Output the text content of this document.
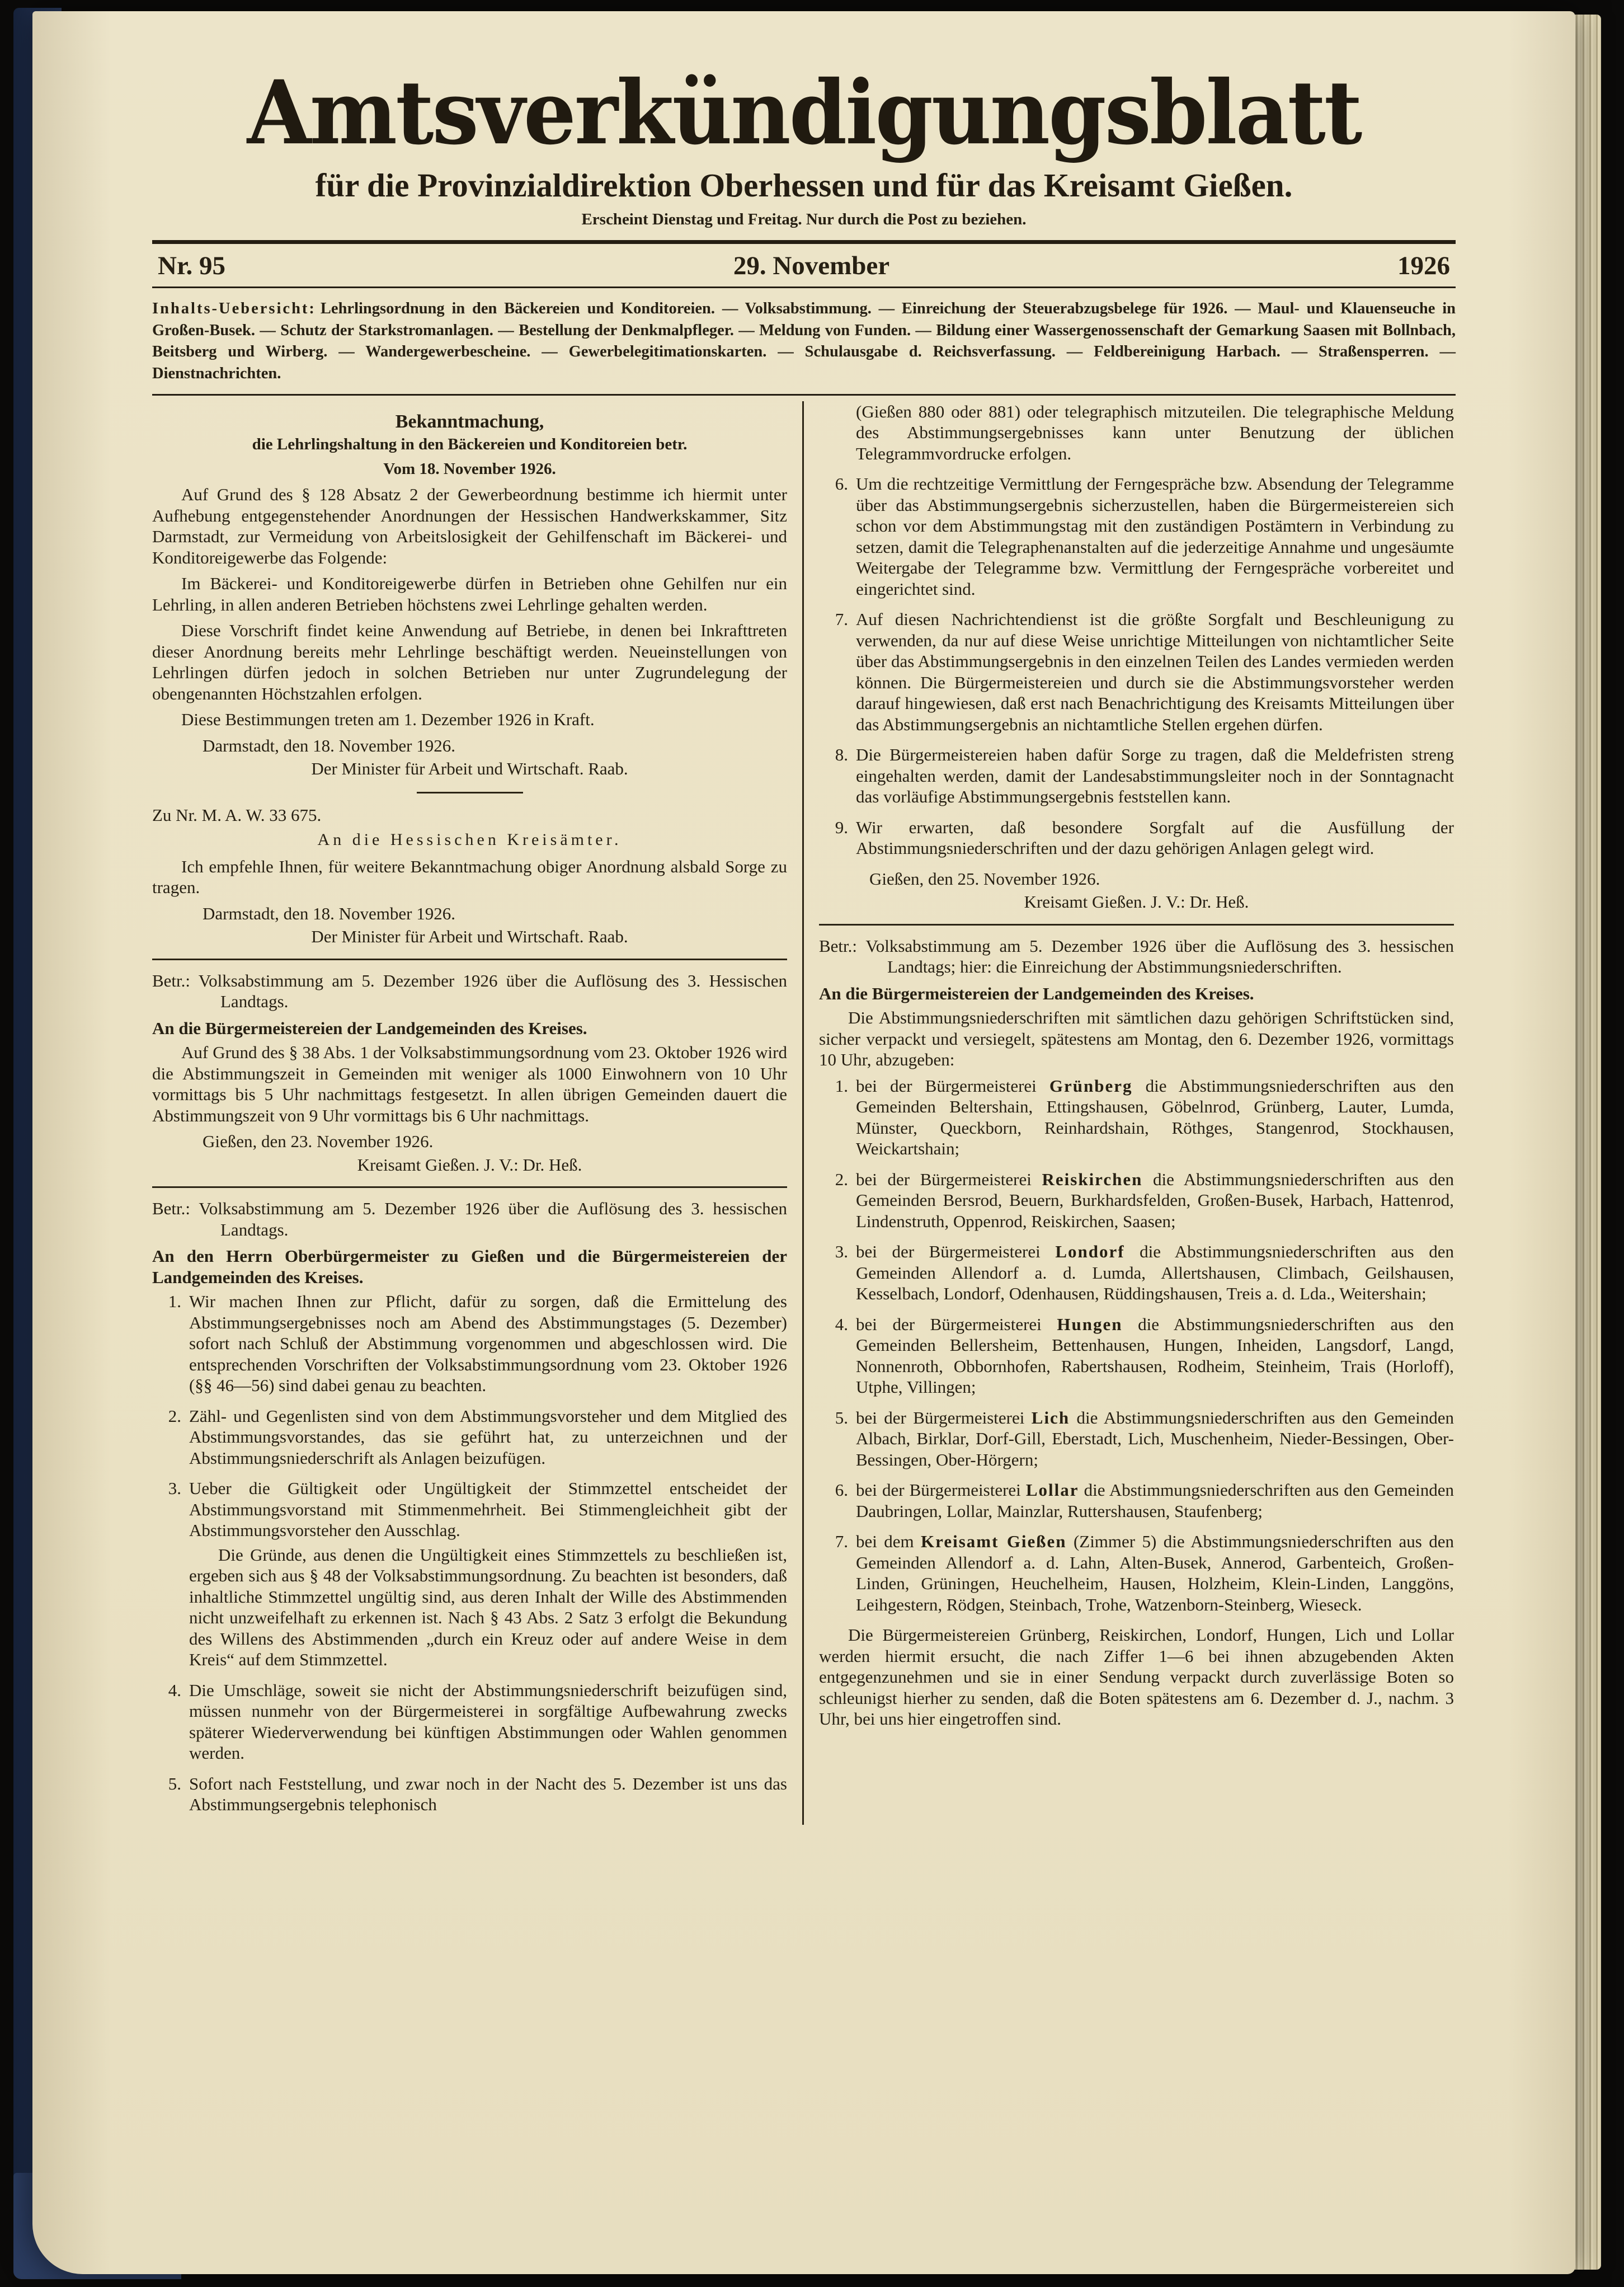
Amtsverkündigungsblatt
für die Provinzialdirektion Oberhessen und für das Kreisamt Gießen.
Erscheint Dienstag und Freitag. Nur durch die Post zu beziehen.
Nr. 95	29. November	1926

Inhalts-Uebersicht: Lehrlingsordnung in den Bäckereien und Konditoreien. — Volksabstimmung. — Einreichung der Steuerabzugsbelege für 1926. — Maul- und Klauenseuche in Großen-Busek. — Schutz der Starkstromanlagen. — Bestellung der Denkmalpfleger. — Meldung von Funden. — Bildung einer Wassergenossenschaft der Gemarkung Saasen mit Bollnbach, Beitsberg und Wirberg. — Wandergewerbescheine. — Gewerbelegitimationskarten. — Schulausgabe d. Reichsverfassung. — Feldbereinigung Harbach. — Straßensperren. — Dienstnachrichten.

Bekanntmachung,

die Lehrlingshaltung in den Bäckereien und Konditoreien betr.

Vom 18. November 1926.

Auf Grund des § 128 Absatz 2 der Gewerbeordnung bestimme ich hiermit unter Aufhebung entgegenstehender Anordnungen der Hessischen Handwerkskammer, Sitz Darmstadt, zur Vermeidung von Arbeitslosigkeit der Gehilfenschaft im Bäckerei- und Konditoreigewerbe das Folgende:

Im Bäckerei- und Konditoreigewerbe dürfen in Betrieben ohne Gehilfen nur ein Lehrling, in allen anderen Betrieben höchstens zwei Lehrlinge gehalten werden.

Diese Vorschrift findet keine Anwendung auf Betriebe, in denen bei Inkrafttreten dieser Anordnung bereits mehr Lehrlinge beschäftigt werden. Neueinstellungen von Lehrlingen dürfen jedoch in solchen Betrieben nur unter Zugrundelegung der obengenannten Höchstzahlen erfolgen.

Diese Bestimmungen treten am 1. Dezember 1926 in Kraft.

Darmstadt, den 18. November 1926.

Der Minister für Arbeit und Wirtschaft. Raab.

Zu Nr. M. A. W. 33 675.

An die Hessischen Kreisämter.

Ich empfehle Ihnen, für weitere Bekanntmachung obiger Anordnung alsbald Sorge zu tragen.

Darmstadt, den 18. November 1926.

Der Minister für Arbeit und Wirtschaft. Raab.

Betr.: Volksabstimmung am 5. Dezember 1926 über die Auflösung des 3. Hessischen Landtags.

An die Bürgermeistereien der Landgemeinden des Kreises.

Auf Grund des § 38 Abs. 1 der Volksabstimmungsordnung vom 23. Oktober 1926 wird die Abstimmungszeit in Gemeinden mit weniger als 1000 Einwohnern von 10 Uhr vormittags bis 5 Uhr nachmittags festgesetzt. In allen übrigen Gemeinden dauert die Abstimmungszeit von 9 Uhr vormittags bis 6 Uhr nachmittags.

Gießen, den 23. November 1926.

Kreisamt Gießen. J. V.: Dr. Heß.

Betr.: Volksabstimmung am 5. Dezember 1926 über die Auflösung des 3. hessischen Landtags.

An den Herrn Oberbürgermeister zu Gießen und die Bürgermeistereien der Landgemeinden des Kreises.

1. Wir machen Ihnen zur Pflicht, dafür zu sorgen, daß die Ermittelung des Abstimmungsergebnisses noch am Abend des Abstimmungstages (5. Dezember) sofort nach Schluß der Abstimmung vorgenommen und abgeschlossen wird. Die entsprechenden Vorschriften der Volksabstimmungsordnung vom 23. Oktober 1926 (§§ 46—56) sind dabei genau zu beachten.

2. Zähl- und Gegenlisten sind von dem Abstimmungsvorsteher und dem Mitglied des Abstimmungsvorstandes, das sie geführt hat, zu unterzeichnen und der Abstimmungsniederschrift als Anlagen beizufügen.

3. Ueber die Gültigkeit oder Ungültigkeit der Stimmzettel entscheidet der Abstimmungsvorstand mit Stimmenmehrheit. Bei Stimmengleichheit gibt der Abstimmungsvorsteher den Ausschlag.

Die Gründe, aus denen die Ungültigkeit eines Stimmzettels zu beschließen ist, ergeben sich aus § 48 der Volksabstimmungsordnung. Zu beachten ist besonders, daß inhaltliche Stimmzettel ungültig sind, aus deren Inhalt der Wille des Abstimmenden nicht unzweifelhaft zu erkennen ist. Nach § 43 Abs. 2 Satz 3 erfolgt die Bekundung des Willens des Abstimmenden „durch ein Kreuz oder auf andere Weise in dem Kreis“ auf dem Stimmzettel.

4. Die Umschläge, soweit sie nicht der Abstimmungsniederschrift beizufügen sind, müssen nunmehr von der Bürgermeisterei in sorgfältige Aufbewahrung zwecks späterer Wiederverwendung bei künftigen Abstimmungen oder Wahlen genommen werden.

5. Sofort nach Feststellung, und zwar noch in der Nacht des 5. Dezember ist uns das Abstimmungsergebnis telephonisch

(Gießen 880 oder 881) oder telegraphisch mitzuteilen. Die telegraphische Meldung des Abstimmungsergebnisses kann unter Benutzung der üblichen Telegrammvordrucke erfolgen.

6. Um die rechtzeitige Vermittlung der Ferngespräche bzw. Absendung der Telegramme über das Abstimmungsergebnis sicherzustellen, haben die Bürgermeistereien sich schon vor dem Abstimmungstag mit den zuständigen Postämtern in Verbindung zu setzen, damit die Telegraphenanstalten auf die jederzeitige Annahme und ungesäumte Weitergabe der Telegramme bzw. Vermittlung der Ferngespräche vorbereitet und eingerichtet sind.

7. Auf diesen Nachrichtendienst ist die größte Sorgfalt und Beschleunigung zu verwenden, da nur auf diese Weise unrichtige Mitteilungen von nichtamtlicher Seite über das Abstimmungsergebnis in den einzelnen Teilen des Landes vermieden werden können. Die Bürgermeistereien und durch sie die Abstimmungsvorsteher werden darauf hingewiesen, daß erst nach Benachrichtigung des Kreisamts Mitteilungen über das Abstimmungsergebnis an nichtamtliche Stellen ergehen dürfen.

8. Die Bürgermeistereien haben dafür Sorge zu tragen, daß die Meldefristen streng eingehalten werden, damit der Landesabstimmungsleiter noch in der Sonntagnacht das vorläufige Abstimmungsergebnis feststellen kann.

9. Wir erwarten, daß besondere Sorgfalt auf die Ausfüllung der Abstimmungsniederschriften und der dazu gehörigen Anlagen gelegt wird.

Gießen, den 25. November 1926.

Kreisamt Gießen. J. V.: Dr. Heß.

Betr.: Volksabstimmung am 5. Dezember 1926 über die Auflösung des 3. hessischen Landtags; hier: die Einreichung der Abstimmungsniederschriften.

An die Bürgermeistereien der Landgemeinden des Kreises.

Die Abstimmungsniederschriften mit sämtlichen dazu gehörigen Schriftstücken sind, sicher verpackt und versiegelt, spätestens am Montag, den 6. Dezember 1926, vormittags 10 Uhr, abzugeben:

1. bei der Bürgermeisterei Grünberg die Abstimmungsniederschriften aus den Gemeinden Beltershain, Ettingshausen, Göbelnrod, Grünberg, Lauter, Lumda, Münster, Queckborn, Reinhardshain, Röthges, Stangenrod, Stockhausen, Weickartshain;

2. bei der Bürgermeisterei Reiskirchen die Abstimmungsniederschriften aus den Gemeinden Bersrod, Beuern, Burkhardsfelden, Großen-Busek, Harbach, Hattenrod, Lindenstruth, Oppenrod, Reiskirchen, Saasen;

3. bei der Bürgermeisterei Londorf die Abstimmungsniederschriften aus den Gemeinden Allendorf a. d. Lumda, Allertshausen, Climbach, Geilshausen, Kesselbach, Londorf, Odenhausen, Rüddingshausen, Treis a. d. Lda., Weitershain;

4. bei der Bürgermeisterei Hungen die Abstimmungsniederschriften aus den Gemeinden Bellersheim, Bettenhausen, Hungen, Inheiden, Langsdorf, Langd, Nonnenroth, Obbornhofen, Rabertshausen, Rodheim, Steinheim, Trais (Horloff), Utphe, Villingen;

5. bei der Bürgermeisterei Lich die Abstimmungsniederschriften aus den Gemeinden Albach, Birklar, Dorf-Gill, Eberstadt, Lich, Muschenheim, Nieder-Bessingen, Ober-Bessingen, Ober-Hörgern;

6. bei der Bürgermeisterei Lollar die Abstimmungsniederschriften aus den Gemeinden Daubringen, Lollar, Mainzlar, Ruttershausen, Staufenberg;

7. bei dem Kreisamt Gießen (Zimmer 5) die Abstimmungsniederschriften aus den Gemeinden Allendorf a. d. Lahn, Alten-Busek, Annerod, Garbenteich, Großen-Linden, Grüningen, Heuchelheim, Hausen, Holzheim, Klein-Linden, Langgöns, Leihgestern, Rödgen, Steinbach, Trohe, Watzenborn-Steinberg, Wieseck.

Die Bürgermeistereien Grünberg, Reiskirchen, Londorf, Hungen, Lich und Lollar werden hiermit ersucht, die nach Ziffer 1—6 bei ihnen abzugebenden Akten entgegenzunehmen und sie in einer Sendung verpackt durch zuverlässige Boten so schleunigst hierher zu senden, daß die Boten spätestens am 6. Dezember d. J., nachm. 3 Uhr, bei uns hier eingetroffen sind.
